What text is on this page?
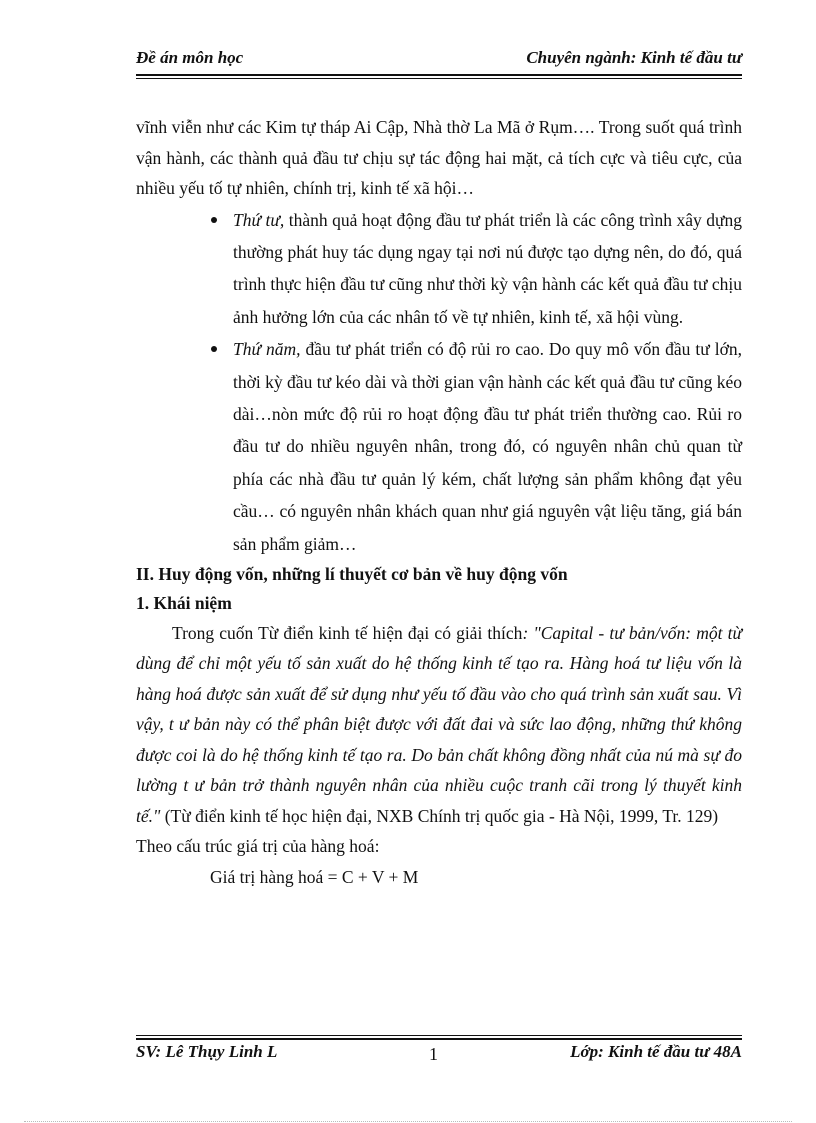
Đề án môn học	Chuyên ngành: Kinh tế đầu tư

vĩnh viễn như các Kim tự tháp Ai Cập, Nhà thờ La Mã ở Rụm…. Trong suốt quá trình vận hành, các thành quả đầu tư chịu sự tác động hai mặt, cả tích cực và tiêu cực, của nhiều yếu tố tự nhiên, chính trị, kinh tế xã hội…

Thứ tư, thành quả hoạt động đầu tư phát triển là các công trình xây dựng thường phát huy tác dụng ngay tại nơi nú được tạo dựng nên, do đó, quá trình thực hiện đầu tư cũng như thời kỳ vận hành các kết quả đầu tư chịu ảnh hưởng lớn của các nhân tố về tự nhiên, kinh tế, xã hội vùng.
Thứ năm, đầu tư phát triển có độ rủi ro cao. Do quy mô vốn đầu tư lớn, thời kỳ đầu tư kéo dài và thời gian vận hành các kết quả đầu tư cũng kéo dài…nòn mức độ rủi ro hoạt động đầu tư phát triển thường cao. Rủi ro đầu tư do nhiều nguyên nhân, trong đó, có nguyên nhân chủ quan từ phía các nhà đầu tư quản lý kém, chất lượng sản phẩm không đạt yêu cầu… có nguyên nhân khách quan như giá nguyên vật liệu tăng, giá bán sản phẩm giảm…
II. Huy động vốn, những lí thuyết cơ bản về huy động vốn
1. Khái niệm

Trong cuốn Từ điển kinh tế hiện đại có giải thích: "Capital - tư bản/vốn: một từ dùng để chỉ một yếu tố sản xuất do hệ thống kinh tế tạo ra. Hàng hoá tư liệu vốn là hàng hoá được sản xuất để sử dụng như yếu tố đầu vào cho quá trình sản xuất sau. Vì vậy, t ư bản này có thể phân biệt được với đất đai và sức lao động, những thứ không được coi là do hệ thống kinh tế tạo ra. Do bản chất không đồng nhất của nú mà sự đo lường t ư bản trở thành nguyên nhân của nhiều cuộc tranh cãi trong lý thuyết kinh tế." (Từ điển kinh tế học hiện đại, NXB Chính trị quốc gia - Hà Nội, 1999, Tr. 129)

Theo cấu trúc giá trị của hàng hoá:

Giá trị hàng hoá = C + V + M

SV: Lê Thụy Linh L	1	Lớp: Kinh tế đầu tư 48A
